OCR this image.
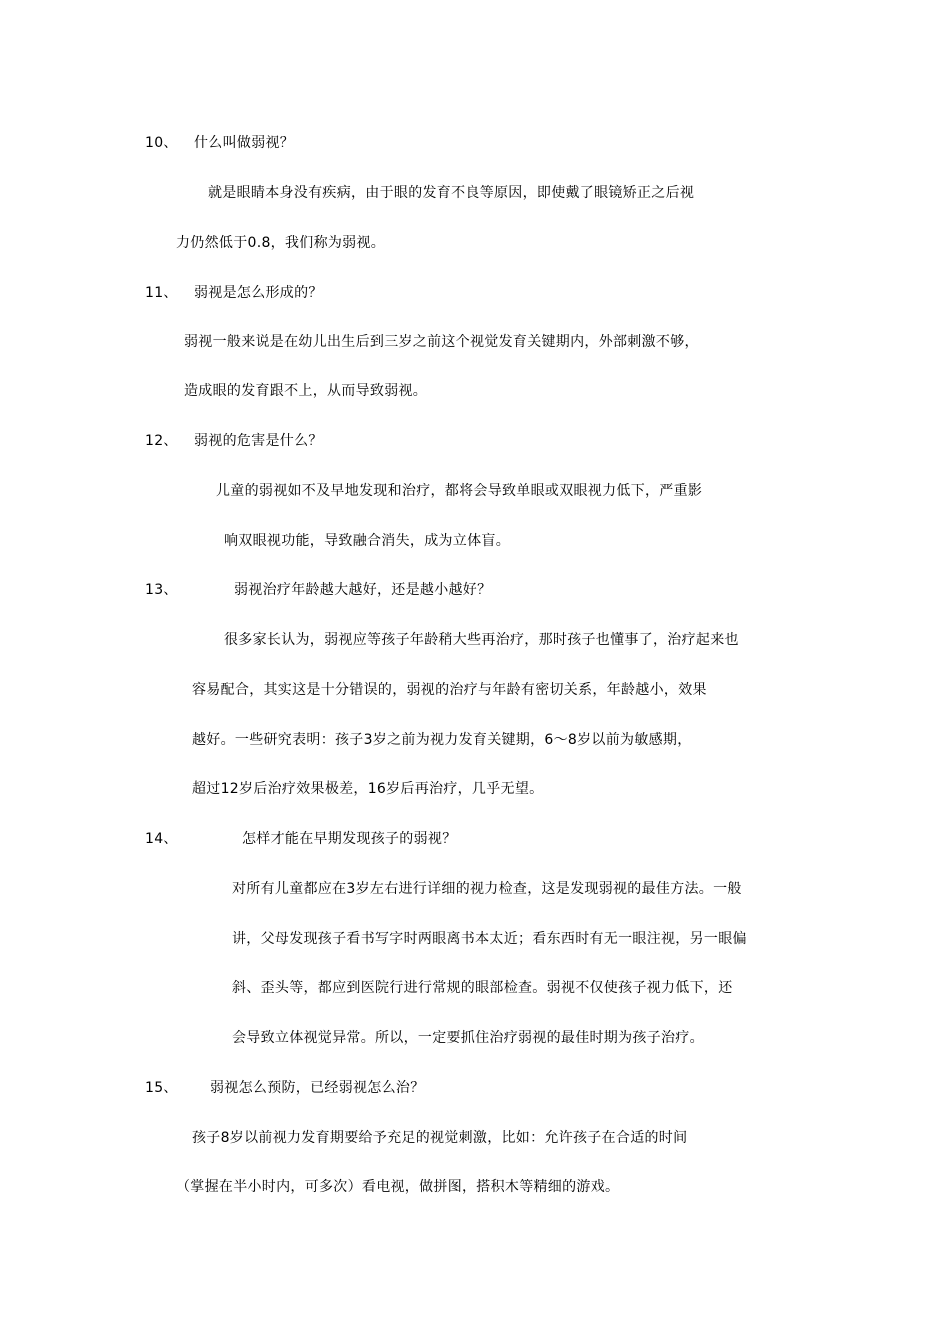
10、 什么叫做弱视？
就是眼睛本身没有疾病，由于眼的发育不良等原因，即使戴了眼镜矫正之后视
力仍然低于0.8，我们称为弱视。
11、 弱视是怎么形成的？
弱视一般来说是在幼儿出生后到三岁之前这个视觉发育关键期内，外部刺激不够，
造成眼的发育跟不上，从而导致弱视。
12、 弱视的危害是什么？
儿童的弱视如不及早地发现和治疗，都将会导致单眼或双眼视力低下，严重影
响双眼视功能，导致融合消失，成为立体盲。
13、	弱视治疗年龄越大越好，还是越小越好？
很多家长认为，弱视应等孩子年龄稍大些再治疗，那时孩子也懂事了，治疗起来也
容易配合，其实这是十分错误的，弱视的治疗与年龄有密切关系，年龄越小，效果
越好。一些研究表明：孩子3岁之前为视力发育关键期，6～8岁以前为敏感期，
超过12岁后治疗效果极差，16岁后再治疗，几乎无望。
14、	怎样才能在早期发现孩子的弱视？
对所有儿童都应在3岁左右进行详细的视力检查，这是发现弱视的最佳方法。一般
讲，父母发现孩子看书写字时两眼离书本太近；看东西时有无一眼注视，另一眼偏
斜、歪头等，都应到医院行进行常规的眼部检查。弱视不仅使孩子视力低下，还
会导致立体视觉异常。所以，一定要抓住治疗弱视的最佳时期为孩子治疗。
15、 弱视怎么预防，已经弱视怎么治？
孩子8岁以前视力发育期要给予充足的视觉刺激，比如：允许孩子在合适的时间
（掌握在半小时内，可多次）看电视，做拼图，搭积木等精细的游戏。
